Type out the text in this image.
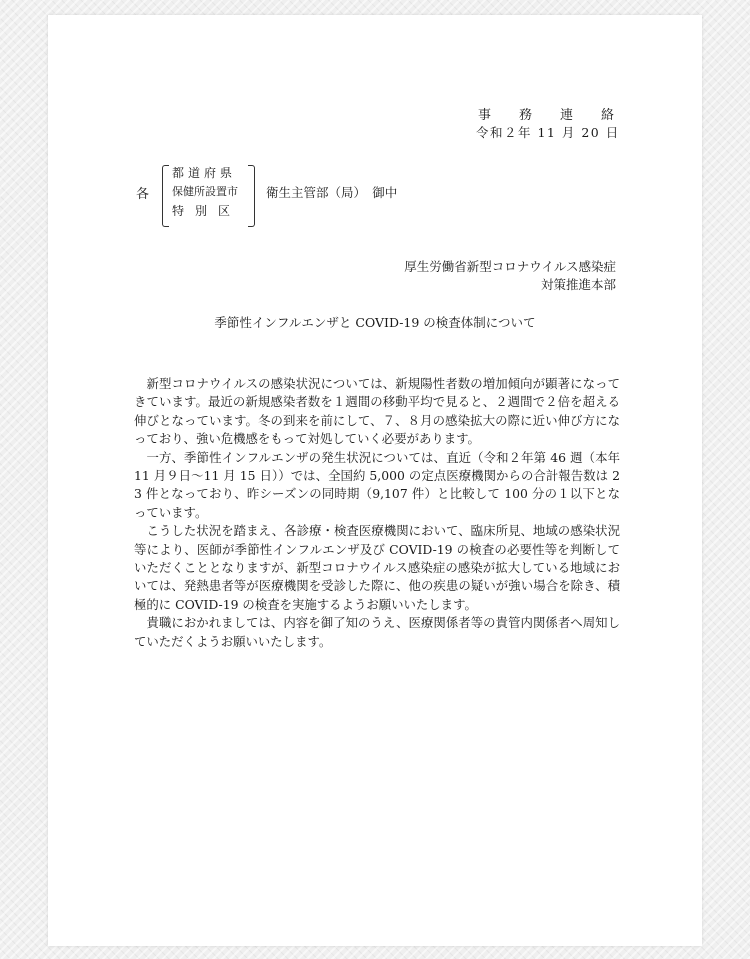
事 務 連 絡
令和２年 11 月 20 日
各
都道府県
保健所設置市
特別区
衛生主管部（局）　御中
厚生労働省新型コロナウイルス感染症
対策推進本部
季節性インフルエンザと COVID-19 の検査体制について

新型コロナウイルスの感染状況については、新規陽性者数の増加傾向が顕著になってきています。最近の新規感染者数を１週間の移動平均で見ると、２週間で２倍を超える伸びとなっています。冬の到来を前にして、７、８月の感染拡大の際に近い伸び方になっており、強い危機感をもって対処していく必要があります。

一方、季節性インフルエンザの発生状況については、直近（令和２年第 46 週（本年 11 月９日～11 月 15 日））では、全国約 5,000 の定点医療機関からの合計報告数は 23 件となっており、昨シーズンの同時期（9,107 件）と比較して 100 分の１以下となっています。

こうした状況を踏まえ、各診療・検査医療機関において、臨床所見、地域の感染状況等により、医師が季節性インフルエンザ及び COVID-19 の検査の必要性等を判断していただくこととなりますが、新型コロナウイルス感染症の感染が拡大している地域においては、発熱患者等が医療機関を受診した際に、他の疾患の疑いが強い場合を除き、積極的に COVID-19 の検査を実施するようお願いいたします。

貴職におかれましては、内容を御了知のうえ、医療関係者等の貴管内関係者へ周知していただくようお願いいたします。
